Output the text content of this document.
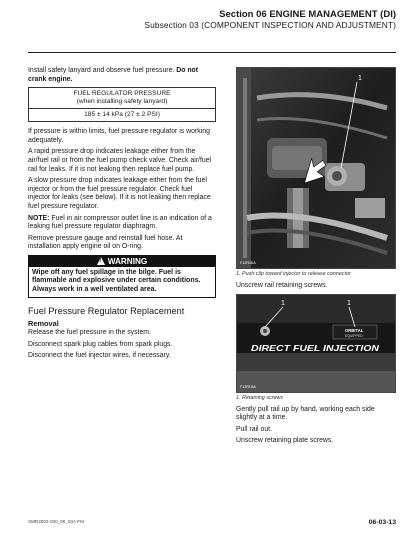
Section 06 ENGINE MANAGEMENT (DI)
Subsection 03 (COMPONENT INSPECTION AND ADJUSTMENT)

Install safety lanyard and observe fuel pressure. Do not crank engine.

FUEL REGULATOR PRESSURE
(when installing safety lanyard)

185 ± 14 kPa (27 ± 2 PSI)

If pressure is within limits, fuel pressure regulator is working adequately.

A rapid pressure drop indicates leakage either from the air/fuel rail or from the fuel pump check valve. Check air/fuel rail for leaks. If it is not leaking then replace fuel pump.

A slow pressure drop indicates leakage either from the fuel injector or from the fuel pressure regulator. Check fuel injector for leaks (see below). If it is not leaking then replace fuel pressure regulator.

NOTE: Fuel in air compressor outlet line is an indication of a leaking fuel pressure regulator diaphragm.

Remove pressure gauge and reinstall fuel hose. At installation apply engine oil on O-ring.

! WARNING
Wipe off any fuel spillage in the bilge. Fuel is flammable and explosive under certain conditions. Always work in a well ventilated area.
Fuel Pressure Regulator Replacement
Removal

Release the fuel pressure in the system.

Disconnect spark plug cables from spark plugs.

Disconnect the fuel injector wires, if necessary.

1
F12R0DA
1. Push clip toward injector to release connector

Unscrew rail retaining screws.

ORBITAL
EQUIPPED
DIRECT FUEL INJECTION
1	1
F12R1HA
1. Retaining screws

Gently pull rail up by hand, working each side slightly at a time.

Pull rail out.

Unscrew retaining plate screws.

SMR2002-030_06_03A.FM	06-03-13
